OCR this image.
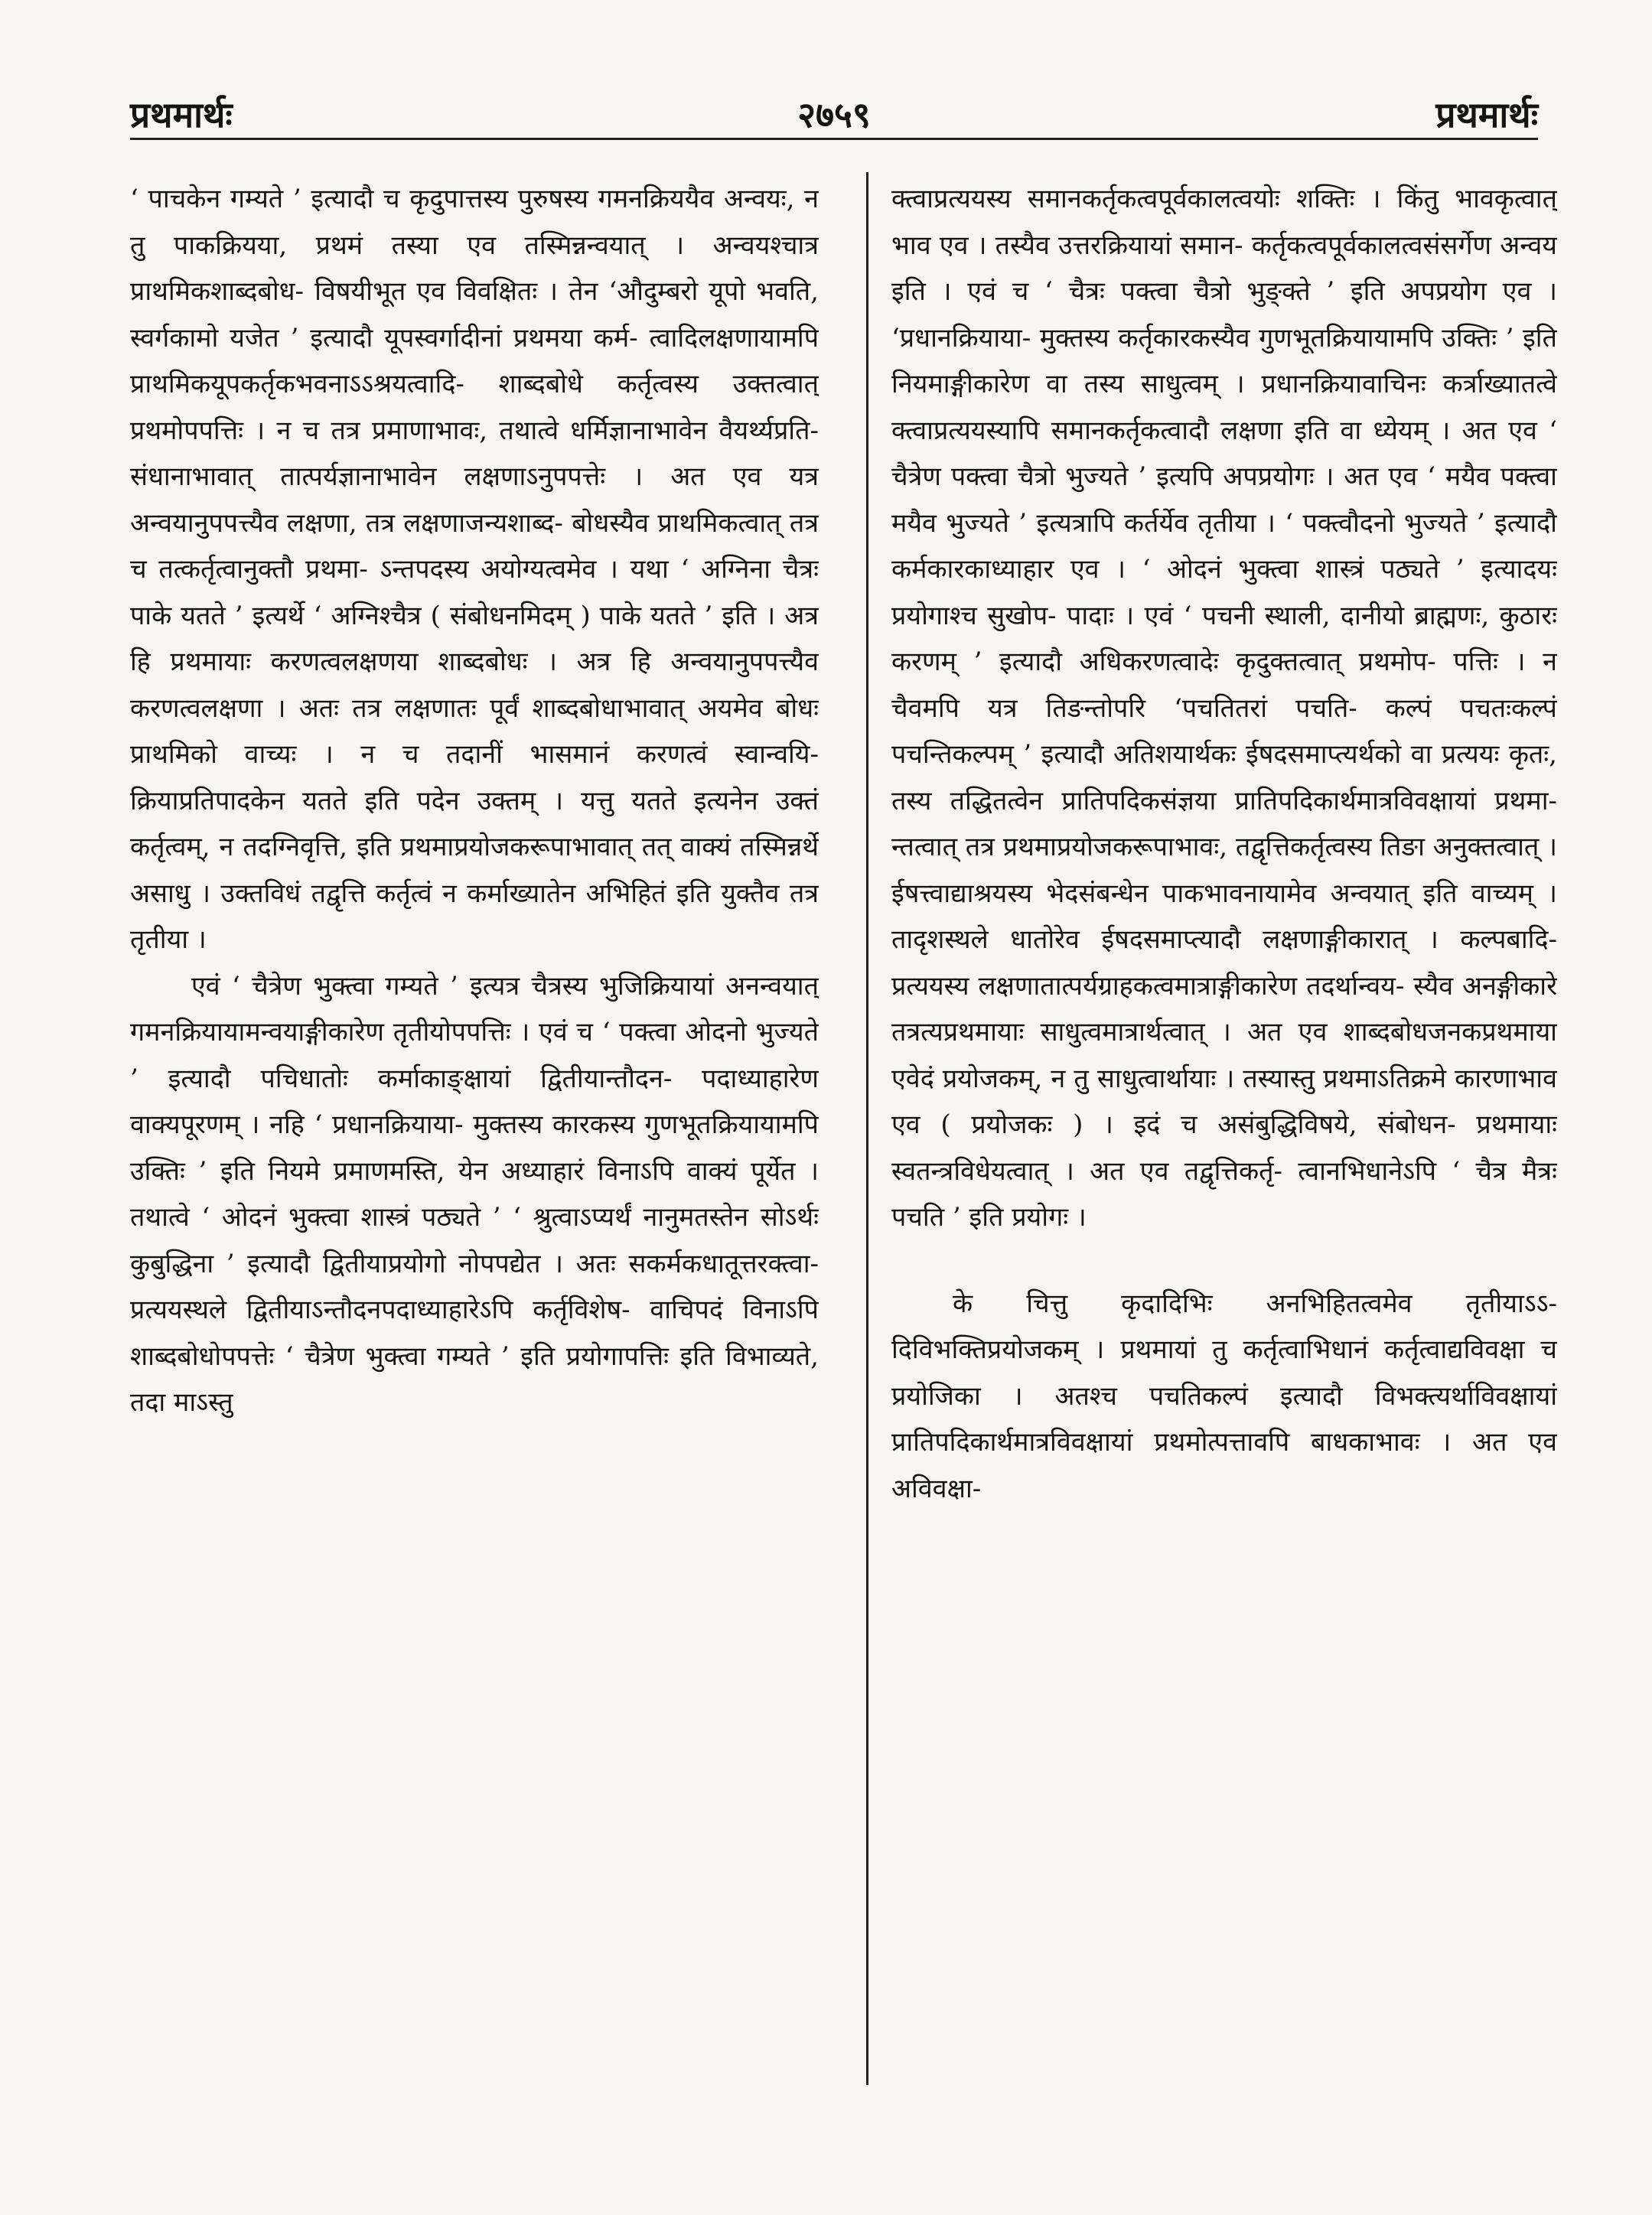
प्रथमार्थः	२७५९	प्रथमार्थः

‘ पाचकेन गम्यते ’ इत्यादौ च कृदुपात्तस्य पुरुषस्य गमनक्रिययैव अन्वयः, न तु पाकक्रियया, प्रथमं तस्या एव तस्मिन्नन्वयात् । अन्वयश्चात्र प्राथमिकशाब्दबोध- विषयीभूत एव विवक्षितः । तेन ‘औदुम्बरो यूपो भवति, स्वर्गकामो यजेत ’ इत्यादौ यूपस्वर्गादीनां प्रथमया कर्म- त्वादिलक्षणायामपि प्राथमिकयूपकर्तृकभवनाऽऽश्रयत्वादि- शाब्दबोधे कर्तृत्वस्य उक्तत्वात् प्रथमोपपत्तिः । न च तत्र प्रमाणाभावः, तथात्वे धर्मिज्ञानाभावेन वैयर्थ्यप्रति- संधानाभावात् तात्पर्यज्ञानाभावेन लक्षणाऽनुपपत्तेः । अत एव यत्र अन्वयानुपपत्त्यैव लक्षणा, तत्र लक्षणाजन्यशाब्द- बोधस्यैव प्राथमिकत्वात् तत्र च तत्कर्तृत्वानुक्तौ प्रथमा- ऽन्तपदस्य अयोग्यत्वमेव । यथा ‘ अग्निना चैत्रः पाके यतते ’ इत्यर्थे ‘ अग्निश्चैत्र ( संबोधनमिदम् ) पाके यतते ’ इति । अत्र हि प्रथमायाः करणत्वलक्षणया शाब्दबोधः । अत्र हि अन्वयानुपपत्त्यैव करणत्वलक्षणा । अतः तत्र लक्षणातः पूर्वं शाब्दबोधाभावात् अयमेव बोधः प्राथमिको वाच्यः । न च तदानीं भासमानं करणत्वं स्वान्वयि- क्रियाप्रतिपादकेन यतते इति पदेन उक्तम् । यत्तु यतते इत्यनेन उक्तं कर्तृत्वम्, न तदग्निवृत्ति, इति प्रथमाप्रयोजकरूपाभावात् तत् वाक्यं तस्मिन्नर्थे असाधु । उक्तविधं तद्वृत्ति कर्तृत्वं न कर्माख्यातेन अभिहितं इति युक्तैव तत्र तृतीया ।

एवं ‘ चैत्रेण भुक्त्वा गम्यते ’ इत्यत्र चैत्रस्य भुजिक्रियायां अनन्वयात् गमनक्रियायामन्वयाङ्गीकारेण तृतीयोपपत्तिः । एवं च ‘ पक्त्वा ओदनो भुज्यते ’ इत्यादौ पचिधातोः कर्माकाङ्क्षायां द्वितीयान्तौदन- पदाध्याहारेण वाक्यपूरणम् । नहि ‘ प्रधानक्रियाया- मुक्तस्य कारकस्य गुणभूतक्रियायामपि उक्तिः ’ इति नियमे प्रमाणमस्ति, येन अध्याहारं विनाऽपि वाक्यं पूर्येत । तथात्वे ‘ ओदनं भुक्त्वा शास्त्रं पठ्यते ’ ‘ श्रुत्वाऽप्यर्थं नानुमतस्तेन सोऽर्थः कुबुद्धिना ’ इत्यादौ द्वितीयाप्रयोगो नोपपद्येत । अतः सकर्मकधातूत्तरक्त्वा- प्रत्ययस्थले द्वितीयाऽन्तौदनपदाध्याहारेऽपि कर्तृविशेष- वाचिपदं विनाऽपि शाब्दबोधोपपत्तेः ‘ चैत्रेण भुक्त्वा गम्यते ’ इति प्रयोगापत्तिः इति विभाव्यते, तदा माऽस्तु

क्त्वाप्रत्ययस्य समानकर्तृकत्वपूर्वकालत्वयोः शक्तिः । किंतु भावकृत्वात् भाव एव । तस्यैव उत्तरक्रियायां समान- कर्तृकत्वपूर्वकालत्वसंसर्गेण अन्वय इति । एवं च ‘ चैत्रः पक्त्वा चैत्रो भुङ्क्ते ’ इति अपप्रयोग एव । ‘प्रधानक्रियाया- मुक्तस्य कर्तृकारकस्यैव गुणभूतक्रियायामपि उक्तिः ’ इति नियमाङ्गीकारेण वा तस्य साधुत्वम् । प्रधानक्रियावाचिनः कर्त्राख्यातत्वे क्त्वाप्रत्ययस्यापि समानकर्तृकत्वादौ लक्षणा इति वा ध्येयम् । अत एव ‘ चैत्रेण पक्त्वा चैत्रो भुज्यते ’ इत्यपि अपप्रयोगः । अत एव ‘ मयैव पक्त्वा मयैव भुज्यते ’ इत्यत्रापि कर्तर्येव तृतीया । ‘ पक्त्वौदनो भुज्यते ’ इत्यादौ कर्मकारकाध्याहार एव । ‘ ओदनं भुक्त्वा शास्त्रं पठ्यते ’ इत्यादयः प्रयोगाश्च सुखोप- पादाः । एवं ‘ पचनी स्थाली, दानीयो ब्राह्मणः, कुठारः करणम् ’ इत्यादौ अधिकरणत्वादेः कृदुक्तत्वात् प्रथमोप- पत्तिः । न चैवमपि यत्र तिङन्तोपरि ‘पचतितरां पचति- कल्पं पचतःकल्पं पचन्तिकल्पम् ’ इत्यादौ अतिशयार्थकः ईषदसमाप्त्यर्थको वा प्रत्ययः कृतः, तस्य तद्धितत्वेन प्रातिपदिकसंज्ञया प्रातिपदिकार्थमात्रविवक्षायां प्रथमा- न्तत्वात् तत्र प्रथमाप्रयोजकरूपाभावः, तद्वृत्तिकर्तृत्वस्य तिङा अनुक्तत्वात् । ईषत्त्वाद्याश्रयस्य भेदसंबन्धेन पाकभावनायामेव अन्वयात् इति वाच्यम् । तादृशस्थले धातोरेव ईषदसमाप्त्यादौ लक्षणाङ्गीकारात् । कल्पबादि- प्रत्ययस्य लक्षणातात्पर्यग्राहकत्वमात्राङ्गीकारेण तदर्थान्वय- स्यैव अनङ्गीकारे तत्रत्यप्रथमायाः साधुत्वमात्रार्थत्वात् । अत एव शाब्दबोधजनकप्रथमाया एवेदं प्रयोजकम्, न तु साधुत्वार्थायाः । तस्यास्तु प्रथमाऽतिक्रमे कारणाभाव एव ( प्रयोजकः ) । इदं च असंबुद्धिविषये, संबोधन- प्रथमायाः स्वतन्त्रविधेयत्वात् । अत एव तद्वृत्तिकर्तृ- त्वानभिधानेऽपि ‘ चैत्र मैत्रः पचति ’ इति प्रयोगः ।

के चित्तु कृदादिभिः अनभिहितत्वमेव तृतीयाऽऽ- दिविभक्तिप्रयोजकम् । प्रथमायां तु कर्तृत्वाभिधानं कर्तृत्वाद्यविवक्षा च प्रयोजिका । अतश्च पचतिकल्पं इत्यादौ विभक्त्यर्थाविवक्षायां प्रातिपदिकार्थमात्रविवक्षायां प्रथमोत्पत्तावपि बाधकाभावः । अत एव अविवक्षा-
